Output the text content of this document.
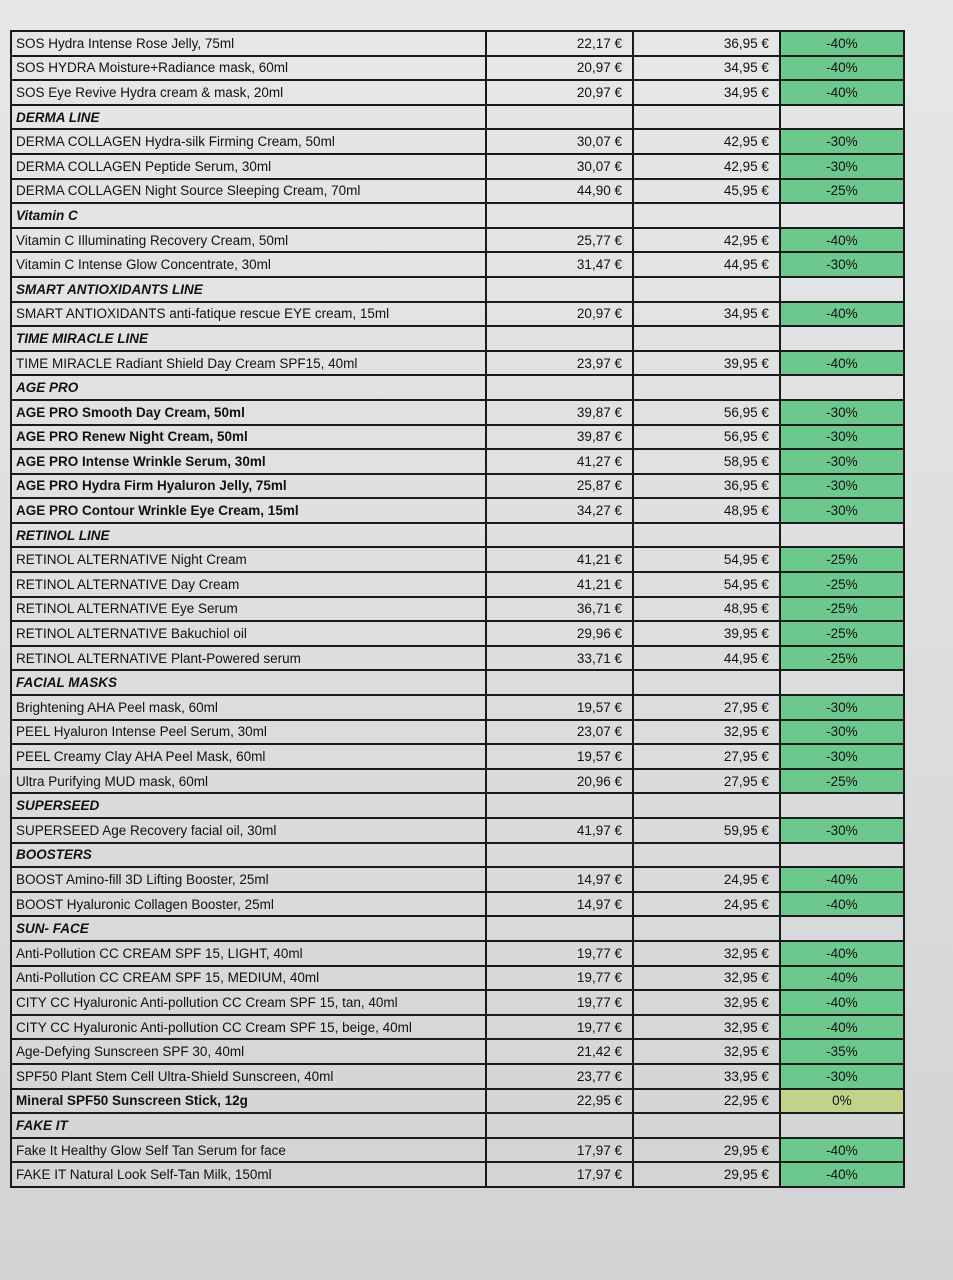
SOS Hydra Intense Rose Jelly, 75ml	22,17 €	36,95 €	-40%
SOS HYDRA Moisture+Radiance mask, 60ml	20,97 €	34,95 €	-40%
SOS Eye Revive Hydra cream & mask, 20ml	20,97 €	34,95 €	-40%
DERMA LINE			
DERMA COLLAGEN Hydra-silk Firming Cream, 50ml	30,07 €	42,95 €	-30%
DERMA COLLAGEN Peptide Serum, 30ml	30,07 €	42,95 €	-30%
DERMA COLLAGEN Night Source Sleeping Cream, 70ml	44,90 €	45,95 €	-25%
Vitamin C			
Vitamin C Illuminating Recovery Cream, 50ml	25,77 €	42,95 €	-40%
Vitamin C Intense Glow Concentrate, 30ml	31,47 €	44,95 €	-30%
SMART ANTIOXIDANTS LINE			
SMART ANTIOXIDANTS anti-fatique rescue EYE cream, 15ml	20,97 €	34,95 €	-40%
TIME MIRACLE LINE			
TIME MIRACLE Radiant Shield Day Cream SPF15, 40ml	23,97 €	39,95 €	-40%
AGE PRO			
AGE PRO Smooth Day Cream, 50ml	39,87 €	56,95 €	-30%
AGE PRO Renew Night Cream, 50ml	39,87 €	56,95 €	-30%
AGE PRO Intense Wrinkle Serum, 30ml	41,27 €	58,95 €	-30%
AGE PRO Hydra Firm Hyaluron Jelly, 75ml	25,87 €	36,95 €	-30%
AGE PRO Contour Wrinkle Eye Cream, 15ml	34,27 €	48,95 €	-30%
RETINOL LINE			
RETINOL ALTERNATIVE Night Cream	41,21 €	54,95 €	-25%
RETINOL ALTERNATIVE Day Cream	41,21 €	54,95 €	-25%
RETINOL ALTERNATIVE Eye Serum	36,71 €	48,95 €	-25%
RETINOL ALTERNATIVE Bakuchiol oil	29,96 €	39,95 €	-25%
RETINOL ALTERNATIVE Plant-Powered serum	33,71 €	44,95 €	-25%
FACIAL MASKS			
Brightening AHA Peel mask, 60ml	19,57 €	27,95 €	-30%
PEEL Hyaluron Intense Peel Serum, 30ml	23,07 €	32,95 €	-30%
PEEL Creamy Clay AHA Peel Mask, 60ml	19,57 €	27,95 €	-30%
Ultra Purifying MUD mask, 60ml	20,96 €	27,95 €	-25%
SUPERSEED			
SUPERSEED Age Recovery facial oil, 30ml	41,97 €	59,95 €	-30%
BOOSTERS			
BOOST Amino-fill 3D Lifting Booster, 25ml	14,97 €	24,95 €	-40%
BOOST Hyaluronic Collagen Booster, 25ml	14,97 €	24,95 €	-40%
SUN- FACE			
Anti-Pollution CC CREAM SPF 15, LIGHT, 40ml	19,77 €	32,95 €	-40%
Anti-Pollution CC CREAM SPF 15, MEDIUM, 40ml	19,77 €	32,95 €	-40%
CITY CC Hyaluronic Anti-pollution CC Cream SPF 15, tan, 40ml	19,77 €	32,95 €	-40%
CITY CC Hyaluronic Anti-pollution CC Cream SPF 15, beige, 40ml	19,77 €	32,95 €	-40%
Age-Defying Sunscreen SPF 30, 40ml	21,42 €	32,95 €	-35%
SPF50 Plant Stem Cell Ultra-Shield Sunscreen, 40ml	23,77 €	33,95 €	-30%
Mineral SPF50 Sunscreen Stick, 12g	22,95 €	22,95 €	0%
FAKE IT			
Fake It Healthy Glow Self Tan Serum for face	17,97 €	29,95 €	-40%
FAKE IT Natural Look Self-Tan Milk, 150ml	17,97 €	29,95 €	-40%
